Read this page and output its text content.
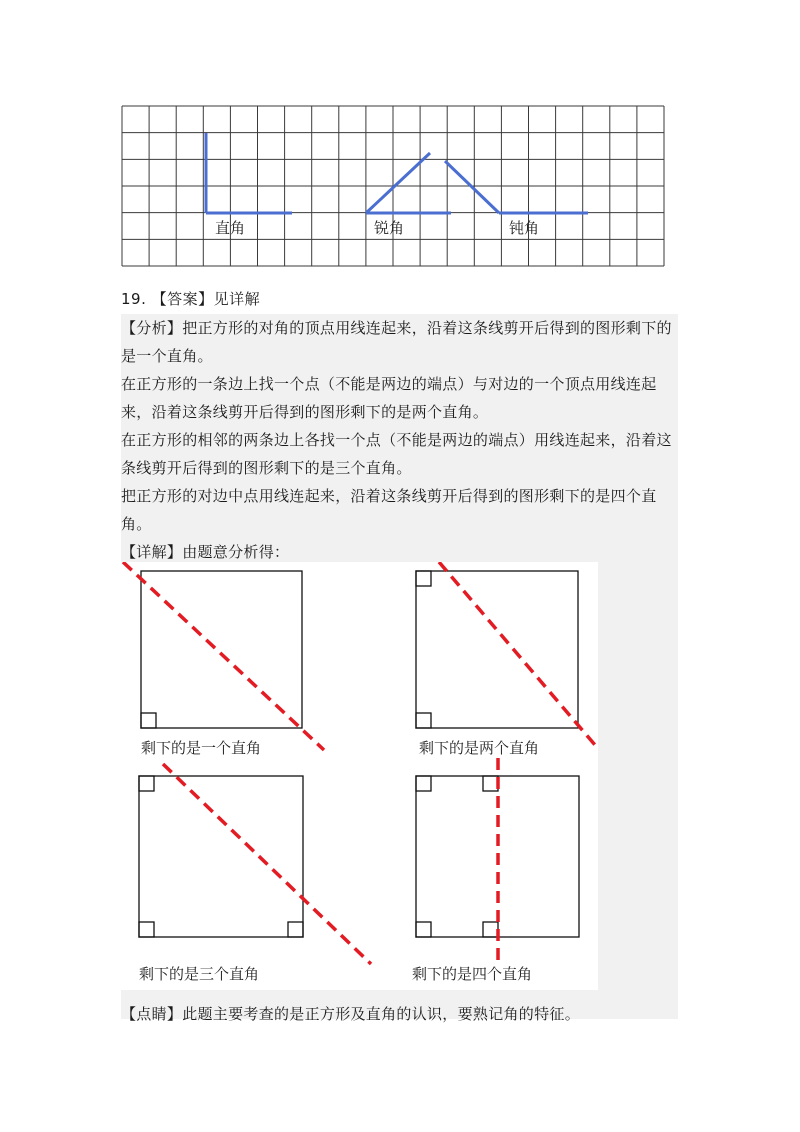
直角	锐角	钝角
19. 【答案】见详解
【分析】把正方形的对角的顶点用线连起来，沿着这条线剪开后得到的图形剩下的是一个直角。
在正方形的一条边上找一个点（不能是两边的端点）与对边的一个顶点用线连起来，沿着这条线剪开后得到的图形剩下的是两个直角。
在正方形的相邻的两条边上各找一个点（不能是两边的端点）用线连起来，沿着这条线剪开后得到的图形剩下的是三个直角。
把正方形的对边中点用线连起来，沿着这条线剪开后得到的图形剩下的是四个直角。
【详解】由题意分析得：
剩下的是一个直角	剩下的是两个直角
剩下的是三个直角	剩下的是四个直角
【点睛】此题主要考查的是正方形及直角的认识，要熟记角的特征。
